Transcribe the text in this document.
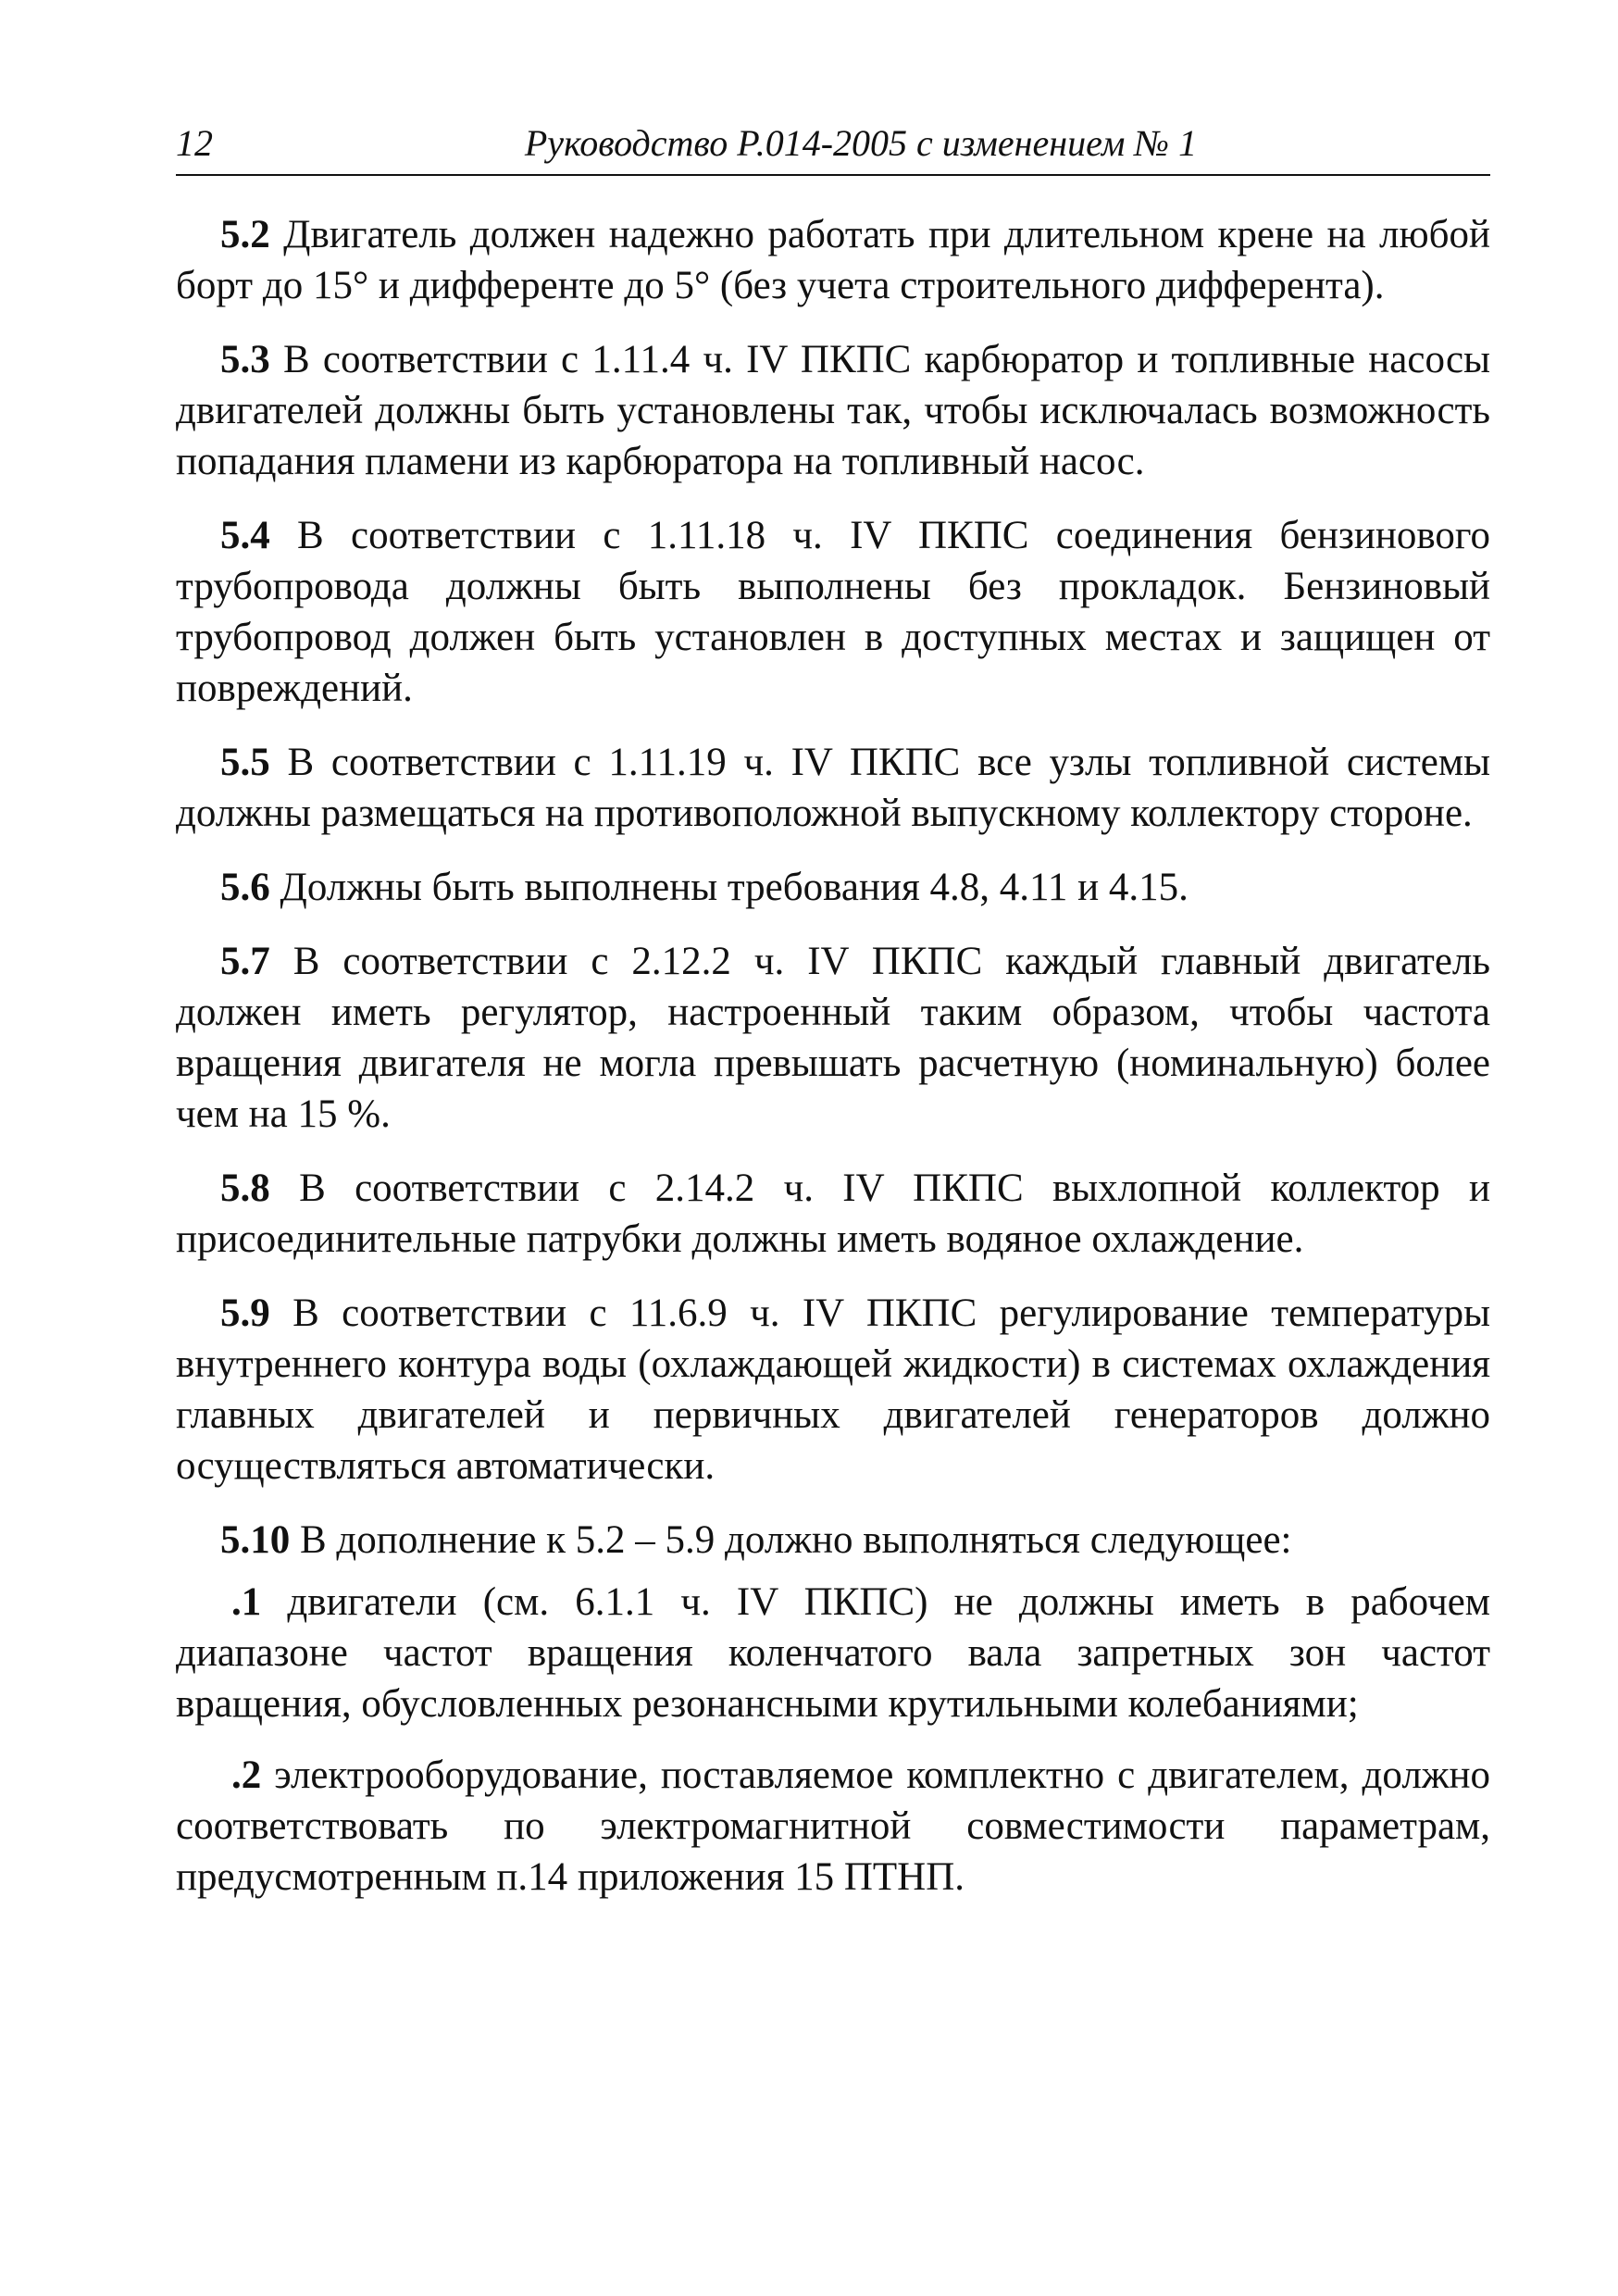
12	Руководство Р.014-2005 с изменением № 1

5.2 Двигатель должен надежно работать при длительном крене на любой борт до 15° и дифференте до 5° (без учета строительного дифферента).

5.3 В соответствии с 1.11.4 ч. IV ПКПС карбюратор и топливные насосы двигателей должны быть установлены так, чтобы исключалась возможность попадания пламени из карбюратора на топливный насос.

5.4 В соответствии с 1.11.18 ч. IV ПКПС соединения бензинового трубопровода должны быть выполнены без прокладок. Бензиновый трубопровод должен быть установлен в доступных местах и защищен от повреждений.

5.5 В соответствии с 1.11.19 ч. IV ПКПС все узлы топливной системы должны размещаться на противоположной выпускному коллектору стороне.

5.6 Должны быть выполнены требования 4.8, 4.11 и 4.15.

5.7 В соответствии с 2.12.2 ч. IV ПКПС каждый главный двигатель должен иметь регулятор, настроенный таким образом, чтобы частота вращения двигателя не могла превышать расчетную (номинальную) более чем на 15 %.

5.8 В соответствии с 2.14.2 ч. IV ПКПС выхлопной коллектор и присоединительные патрубки должны иметь водяное охлаждение.

5.9 В соответствии с 11.6.9 ч. IV ПКПС регулирование температуры внутреннего контура воды (охлаждающей жидкости) в системах охлаждения главных двигателей и первичных двигателей генераторов должно осуществляться автоматически.

5.10 В дополнение к 5.2 – 5.9 должно выполняться следующее:

.1 двигатели (см. 6.1.1 ч. IV ПКПС) не должны иметь в рабочем диапазоне частот вращения коленчатого вала запретных зон частот вращения, обусловленных резонансными крутильными колебаниями;

.2 электрооборудование, поставляемое комплектно с двигателем, должно соответствовать по электромагнитной совместимости параметрам, предусмотренным п.14 приложения 15 ПТНП.
